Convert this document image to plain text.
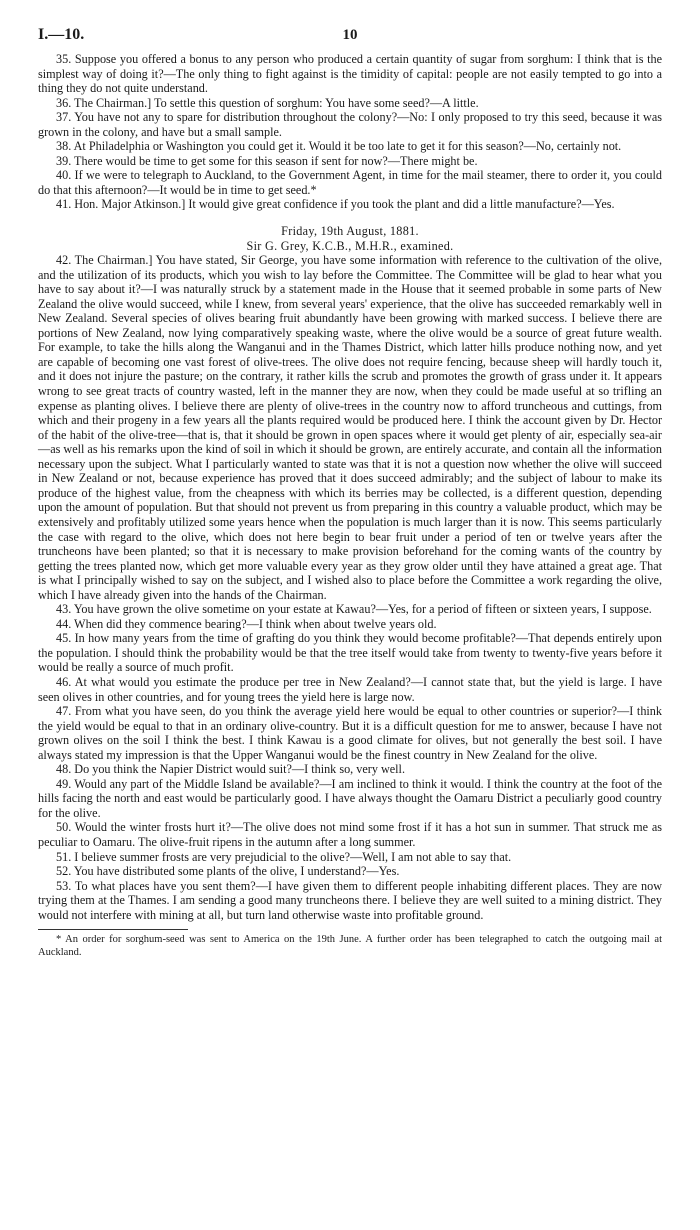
I.—10.	10

35. Suppose you offered a bonus to any person who produced a certain quantity of sugar from sorghum: I think that is the simplest way of doing it?—The only thing to fight against is the timidity of capital: people are not easily tempted to go into a thing they do not quite understand.

36. The Chairman.] To settle this question of sorghum: You have some seed?—A little.

37. You have not any to spare for distribution throughout the colony?—No: I only proposed to try this seed, because it was grown in the colony, and have but a small sample.

38. At Philadelphia or Washington you could get it. Would it be too late to get it for this season?—No, certainly not.

39. There would be time to get some for this season if sent for now?—There might be.

40. If we were to telegraph to Auckland, to the Government Agent, in time for the mail steamer, there to order it, you could do that this afternoon?—It would be in time to get seed.*

41. Hon. Major Atkinson.] It would give great confidence if you took the plant and did a little manufacture?—Yes.

Friday, 19th August, 1881.

Sir G. Grey, K.C.B., M.H.R., examined.

42. The Chairman.] You have stated, Sir George, you have some information with reference to the cultivation of the olive, and the utilization of its products, which you wish to lay before the Committee. The Committee will be glad to hear what you have to say about it?—I was naturally struck by a statement made in the House that it seemed probable in some parts of New Zealand the olive would succeed, while I knew, from several years' experience, that the olive has succeeded remarkably well in New Zealand. Several species of olives bearing fruit abundantly have been growing with marked success. I believe there are portions of New Zealand, now lying comparatively speaking waste, where the olive would be a source of great future wealth. For example, to take the hills along the Wanganui and in the Thames District, which latter hills produce nothing now, and yet are capable of becoming one vast forest of olive-trees. The olive does not require fencing, because sheep will hardly touch it, and it does not injure the pasture; on the contrary, it rather kills the scrub and promotes the growth of grass under it. It appears wrong to see great tracts of country wasted, left in the manner they are now, when they could be made useful at so trifling an expense as planting olives. I believe there are plenty of olive-trees in the country now to afford truncheous and cuttings, from which and their progeny in a few years all the plants required would be produced here. I think the account given by Dr. Hector of the habit of the olive-tree—that is, that it should be grown in open spaces where it would get plenty of air, especially sea-air—as well as his remarks upon the kind of soil in which it should be grown, are entirely accurate, and contain all the information necessary upon the subject. What I particularly wanted to state was that it is not a question now whether the olive will succeed in New Zealand or not, because experience has proved that it does succeed admirably; and the subject of labour to make its produce of the highest value, from the cheapness with which its berries may be collected, is a different question, depending upon the amount of population. But that should not prevent us from preparing in this country a valuable product, which may be extensively and profitably utilized some years hence when the population is much larger than it is now. This seems particularly the case with regard to the olive, which does not here begin to bear fruit under a period of ten or twelve years after the truncheons have been planted; so that it is necessary to make provision beforehand for the coming wants of the country by getting the trees planted now, which get more valuable every year as they grow older until they have attained a great age. That is what I principally wished to say on the subject, and I wished also to place before the Committee a work regarding the olive, which I have already given into the hands of the Chairman.

43. You have grown the olive sometime on your estate at Kawau?—Yes, for a period of fifteen or sixteen years, I suppose.

44. When did they commence bearing?—I think when about twelve years old.

45. In how many years from the time of grafting do you think they would become profitable?—That depends entirely upon the population. I should think the probability would be that the tree itself would take from twenty to twenty-five years before it would be really a source of much profit.

46. At what would you estimate the produce per tree in New Zealand?—I cannot state that, but the yield is large. I have seen olives in other countries, and for young trees the yield here is large now.

47. From what you have seen, do you think the average yield here would be equal to other countries or superior?—I think the yield would be equal to that in an ordinary olive-country. But it is a difficult question for me to answer, because I have not grown olives on the soil I think the best. I think Kawau is a good climate for olives, but not generally the best soil. I have always stated my impression is that the Upper Wanganui would be the finest country in New Zealand for the olive.

48. Do you think the Napier District would suit?—I think so, very well.

49. Would any part of the Middle Island be available?—I am inclined to think it would. I think the country at the foot of the hills facing the north and east would be particularly good. I have always thought the Oamaru District a peculiarly good country for the olive.

50. Would the winter frosts hurt it?—The olive does not mind some frost if it has a hot sun in summer. That struck me as peculiar to Oamaru. The olive-fruit ripens in the autumn after a long summer.

51. I believe summer frosts are very prejudicial to the olive?—Well, I am not able to say that.

52. You have distributed some plants of the olive, I understand?—Yes.

53. To what places have you sent them?—I have given them to different people inhabiting different places. They are now trying them at the Thames. I am sending a good many truncheons there. I believe they are well suited to a mining district. They would not interfere with mining at all, but turn land otherwise waste into profitable ground.

* An order for sorghum-seed was sent to America on the 19th June. A further order has been telegraphed to catch the outgoing mail at Auckland.
